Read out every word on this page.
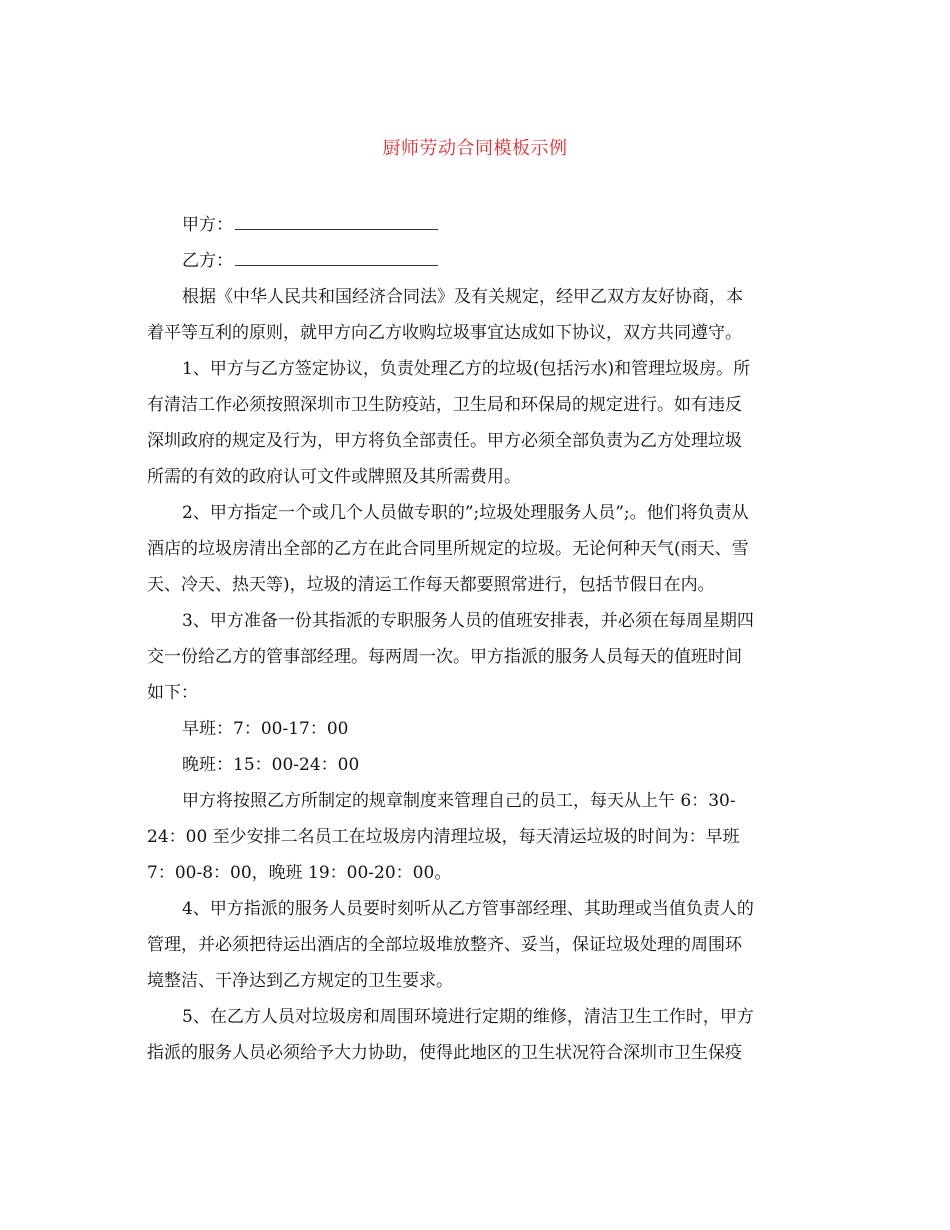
厨师劳动合同模板示例
甲方：
乙方：
根据《中华人民共和国经济合同法》及有关规定，经甲乙双方友好协商，本
着平等互利的原则，就甲方向乙方收购垃圾事宜达成如下协议，双方共同遵守。
1、甲方与乙方签定协议，负责处理乙方的垃圾(包括污水)和管理垃圾房。所
有清洁工作必须按照深圳市卫生防疫站，卫生局和环保局的规定进行。如有违反
深圳政府的规定及行为，甲方将负全部责任。甲方必须全部负责为乙方处理垃圾
所需的有效的政府认可文件或牌照及其所需费用。
2、甲方指定一个或几个人员做专职的”;垃圾处理服务人员”;。他们将负责从
酒店的垃圾房清出全部的乙方在此合同里所规定的垃圾。无论何种天气(雨天、雪
天、冷天、热天等)，垃圾的清运工作每天都要照常进行，包括节假日在内。
3、甲方准备一份其指派的专职服务人员的值班安排表，并必须在每周星期四
交一份给乙方的管事部经理。每两周一次。甲方指派的服务人员每天的值班时间
如下：
早班：7：00-17：00
晚班：15：00-24：00
甲方将按照乙方所制定的规章制度来管理自己的员工，每天从上午 6：30-
24：00 至少安排二名员工在垃圾房内清理垃圾，每天清运垃圾的时间为：早班
7：00-8：00，晚班 19：00-20：00。
4、甲方指派的服务人员要时刻听从乙方管事部经理、其助理或当值负责人的
管理，并必须把待运出酒店的全部垃圾堆放整齐、妥当，保证垃圾处理的周围环
境整洁、干净达到乙方规定的卫生要求。
5、在乙方人员对垃圾房和周围环境进行定期的维修，清洁卫生工作时，甲方
指派的服务人员必须给予大力协助，使得此地区的卫生状况符合深圳市卫生保疫
